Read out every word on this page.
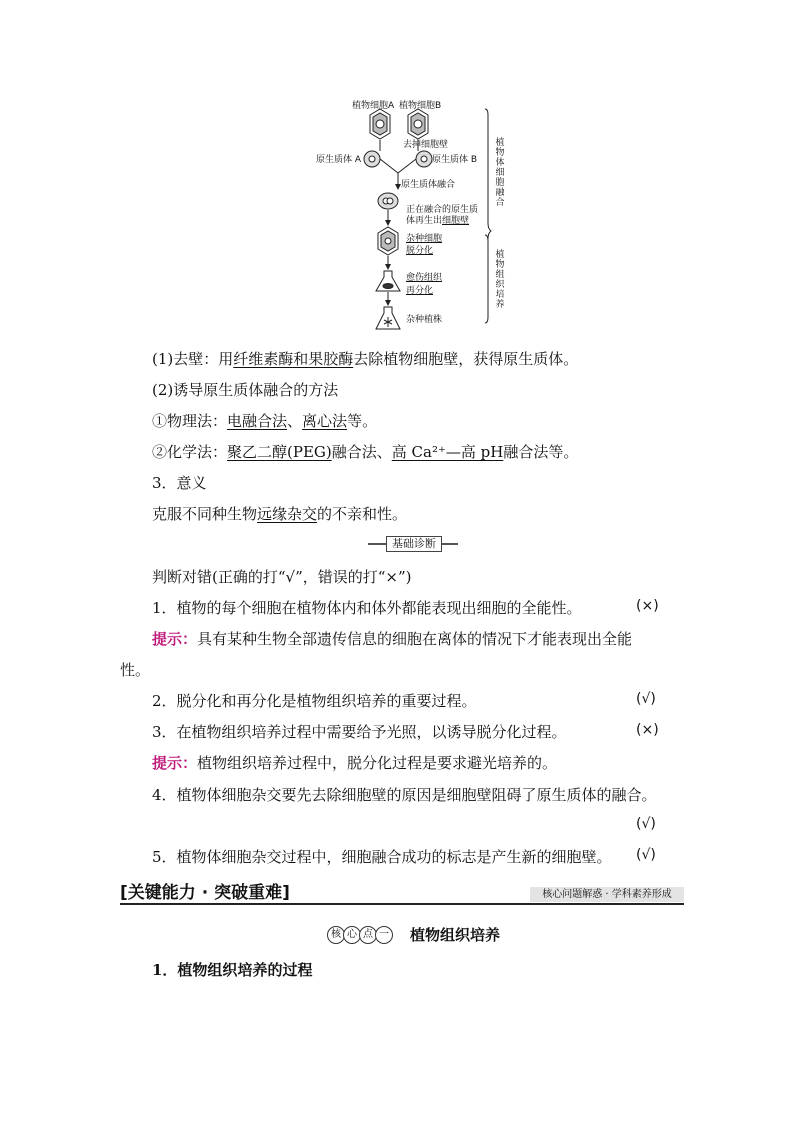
植物细胞A 植物细胞B
去掉细胞壁
原生质体 A	原生质体 B
原生质体融合
正在融合的原生质
体再生出细胞壁
杂种细胞
脱分化
愈伤组织
再分化
杂种植株
植物体细胞融合
植物组织培养
(1)去壁：用纤维素酶和果胶酶去除植物细胞壁，获得原生质体。
(2)诱导原生质体融合的方法
①物理法：电融合法、离心法等。
②化学法：聚乙二醇(PEG)融合法、高 Ca²⁺—高 pH融合法等。
3．意义
克服不同种生物远缘杂交的不亲和性。
基础诊断
判断对错(正确的打“√”，错误的打“×”)
1．植物的每个细胞在植物体内和体外都能表现出细胞的全能性。	(×)
提示：具有某种生物全部遗传信息的细胞在离体的情况下才能表现出全能
性。
2．脱分化和再分化是植物组织培养的重要过程。	(√)
3．在植物组织培养过程中需要给予光照，以诱导脱分化过程。	(×)
提示：植物组织培养过程中，脱分化过程是要求避光培养的。
4．植物体细胞杂交要先去除细胞壁的原因是细胞壁阻碍了原生质体的融合。
(√)
5．植物体细胞杂交过程中，细胞融合成功的标志是产生新的细胞壁。 (√)
[关键能力 · 突破重难]	核心问题解惑 · 学科素养形成
核 心 点 一 植物组织培养
1．植物组织培养的过程
